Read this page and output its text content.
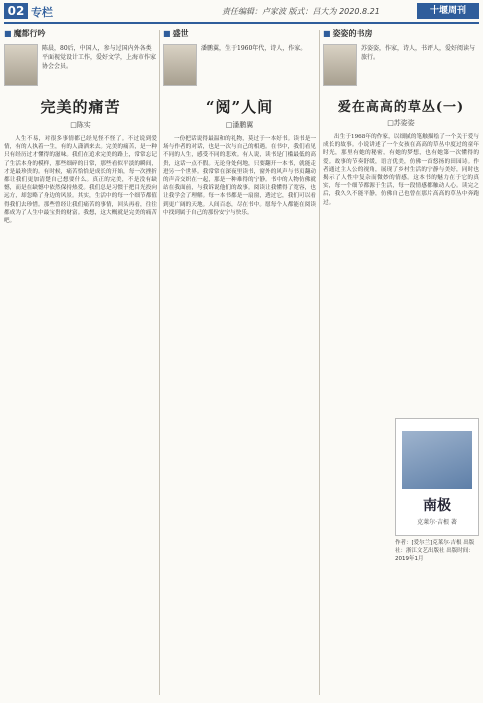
02 专栏	责任编辑：卢家波 版式：吕大为 2020.8.21	十堰周刊
■ 魔都行吟
陈晨，80后，中国人，参与过国内外各类平面视觉设计工作，爱好文学，上海市作家协会会员。
完美的痛苦
□陈实
人生不易，对很多事情都已经见怪不怪了。不过说到爱情，有的人执着一生，有的人潇洒来去。完美的痛苦，是一种只有经历过才懂得的滋味。我们在追求完美的路上，常常忘记了生活本身的模样，那些细碎的日常，那些看似平淡的瞬间，才是最珍贵的。有时候，痛苦恰恰是成长的开始，每一次挫折都让我们更加清楚自己想要什么。真正的完美，不是没有缺憾，而是在缺憾中依然保持热爱。我们总是习惯于把目光投向远方，却忽略了身边的风景。其实，生活中的每一个细节都值得我们去珍惜。那些曾经让我们痛苦的事情，回头再看，往往都成为了人生中最宝贵的财富。我想，这大概就是完美的痛苦吧。
■ 盛世
潘鹏翼，生于1960年代，诗人，作家。
“阅”人间
□潘鹏翼
一份把话说得最温和的礼物，莫过于一本好书。读书是一场与作者的对话，也是一次与自己的相遇。在书中，我们看见不同的人生，感受不同的悲欢。有人说，读书是门槛最低的高贵，这话一点不假。无论身处何地，只要翻开一本书，就能走进另一个世界。我常常在深夜里读书，窗外的风声与书页翻动的声音交织在一起，那是一种难得的宁静。书中的人物仿佛就站在我面前，与我诉说他们的故事。阅读让我懂得了宽容，也让我学会了理解。每一本书都是一扇窗，透过它，我们可以看到更广阔的天地。人间百态，尽在书中。愿每个人都能在阅读中找到属于自己的那份安宁与快乐。
■ 姿姿的书房
苏姿姿，作家，诗人，书评人，爱好阅读与旅行。
爱在高高的草丛(一)
□苏姿姿
出生于1968年的作家，以细腻的笔触描绘了一个关于爱与成长的故事。小说讲述了一个女孩在高高的草丛中度过的童年时光，那里有她的秘密，有她的梦想，也有她第一次懂得的爱。故事的节奏舒缓，语言优美，仿佛一首悠扬的田园诗。作者通过主人公的视角，展现了乡村生活的宁静与美好，同时也揭示了人性中复杂而微妙的情感。这本书的魅力在于它的真实，每一个细节都源于生活，每一段情感都触动人心。读完之后，我久久不能平静，仿佛自己也曾在那片高高的草丛中奔跑过。
南极
克莱尔·吉根 著
作者：[爱尔兰]克莱尔·吉根 出版社：浙江文艺出版社 出版时间：2019年1月
